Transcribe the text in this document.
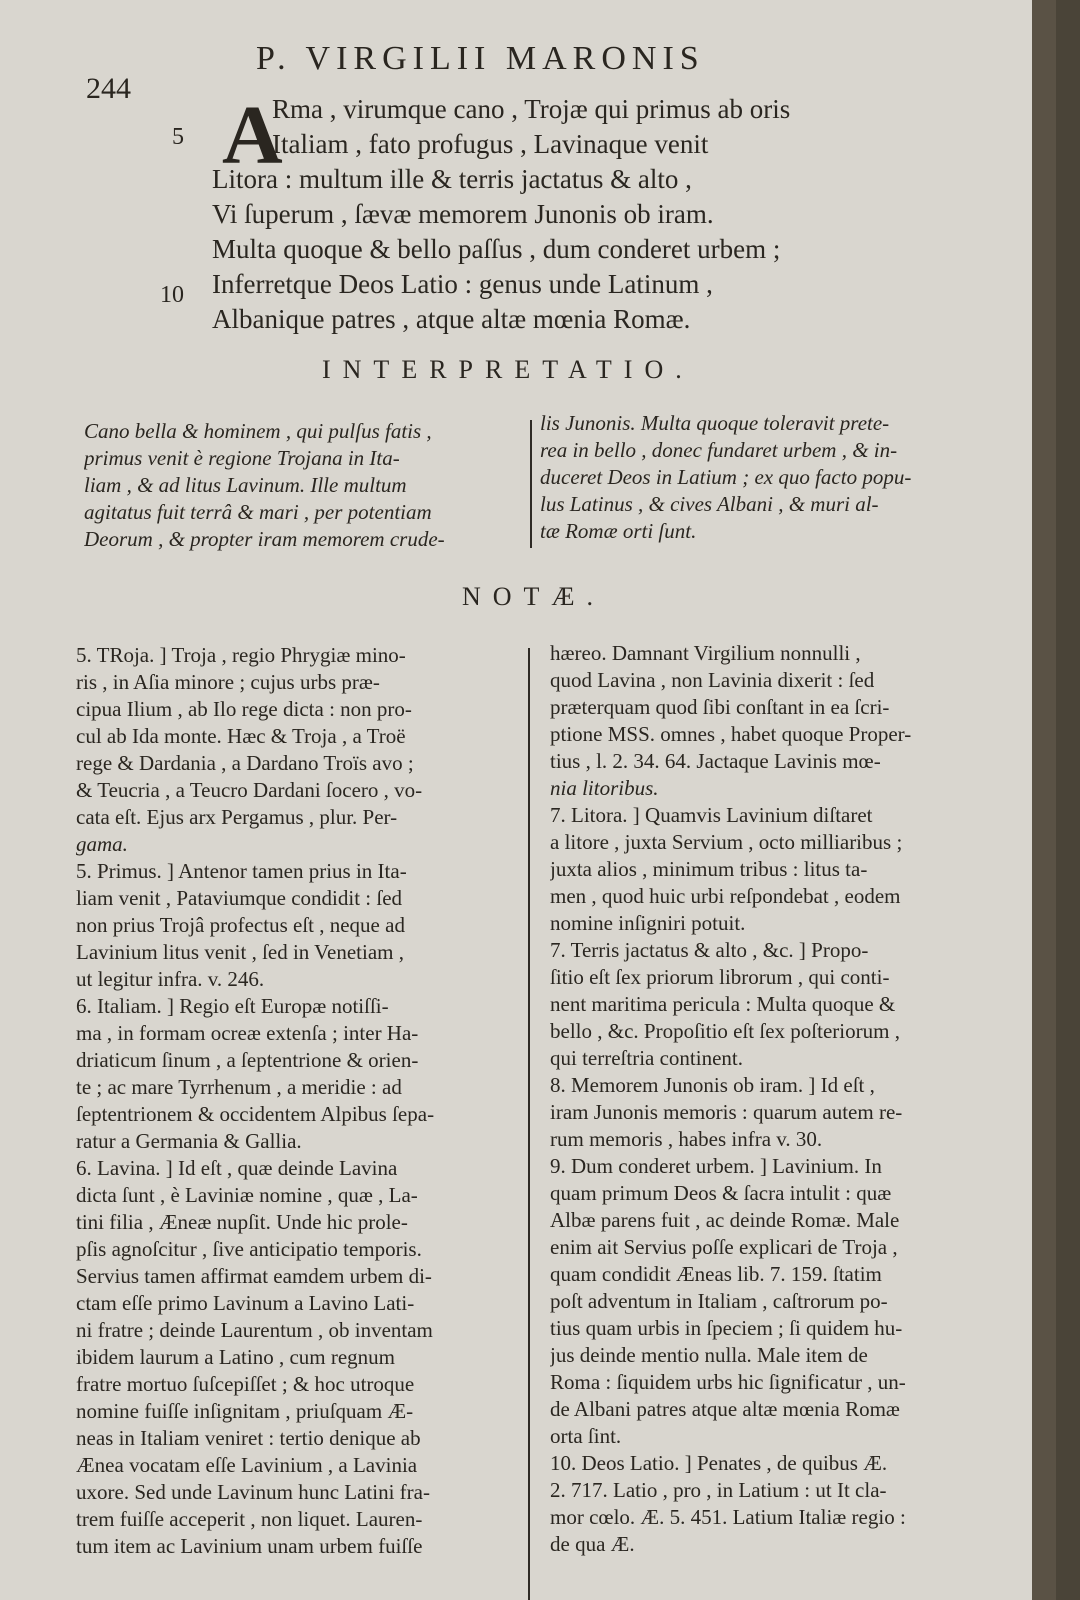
244
P. VIRGILII MARONIS
A
5
10
Rma , virumque cano , Trojæ qui primus ab oris
Italiam , fato profugus , Lavinaque venit
Litora : multum ille & terris jactatus & alto ,
Vi ſuperum , ſævæ memorem Junonis ob iram.
Multa quoque & bello paſſus , dum conderet urbem ;
Inferretque Deos Latio : genus unde Latinum ,
Albanique patres , atque altæ mœnia Romæ.
INTERPRETATIO.
Cano bella & hominem , qui pulſus fatis ,
primus venit è regione Trojana in Ita-
liam , & ad litus Lavinum. Ille multum
agitatus fuit terrâ & mari , per potentiam
Deorum , & propter iram memorem crude-
lis Junonis. Multa quoque toleravit prete-
rea in bello , donec fundaret urbem , & in-
duceret Deos in Latium ; ex quo facto popu-
lus Latinus , & cives Albani , & muri al-
tæ Romæ orti ſunt.
NOTÆ.
5. TRoja. ] Troja , regio Phrygiæ mino-
ris , in Aſia minore ; cujus urbs præ-
cipua Ilium , ab Ilo rege dicta : non pro-
cul ab Ida monte. Hæc & Troja , a Troë
rege & Dardania , a Dardano Troïs avo ;
& Teucria , a Teucro Dardani ſocero , vo-
cata eſt. Ejus arx Pergamus , plur. Per-
gama.
5. Primus. ] Antenor tamen prius in Ita-
liam venit , Pataviumque condidit : ſed
non prius Trojâ profectus eſt , neque ad
Lavinium litus venit , ſed in Venetiam ,
ut legitur infra. v. 246.
6. Italiam. ] Regio eſt Europæ notiſſi-
ma , in formam ocreæ extenſa ; inter Ha-
driaticum ſinum , a ſeptentrione & orien-
te ; ac mare Tyrrhenum , a meridie : ad
ſeptentrionem & occidentem Alpibus ſepa-
ratur a Germania & Gallia.
6. Lavina. ] Id eſt , quæ deinde Lavina
dicta ſunt , è Laviniæ nomine , quæ , La-
tini filia , Æneæ nupſit. Unde hic prole-
pſis agnoſcitur , ſive anticipatio temporis.
Servius tamen affirmat eamdem urbem di-
ctam eſſe primo Lavinum a Lavino Lati-
ni fratre ; deinde Laurentum , ob inventam
ibidem laurum a Latino , cum regnum
fratre mortuo ſuſcepiſſet ; & hoc utroque
nomine fuiſſe inſignitam , priuſquam Æ-
neas in Italiam veniret : tertio denique ab
Ænea vocatam eſſe Lavinium , a Lavinia
uxore. Sed unde Lavinum hunc Latini fra-
trem fuiſſe acceperit , non liquet. Lauren-
tum item ac Lavinium unam urbem fuiſſe
hæreo. Damnant Virgilium nonnulli ,
quod Lavina , non Lavinia dixerit : ſed
præterquam quod ſibi conſtant in ea ſcri-
ptione MSS. omnes , habet quoque Proper-
tius , l. 2. 34. 64. Jactaque Lavinis mœ-
nia litoribus.
7. Litora. ] Quamvis Lavinium diſtaret
a litore , juxta Servium , octo milliaribus ;
juxta alios , minimum tribus : litus ta-
men , quod huic urbi reſpondebat , eodem
nomine inſigniri potuit.
7. Terris jactatus & alto , &c. ] Propo-
ſitio eſt ſex priorum librorum , qui conti-
nent maritima pericula : Multa quoque &
bello , &c. Propoſitio eſt ſex poſteriorum ,
qui terreſtria continent.
8. Memorem Junonis ob iram. ] Id eſt ,
iram Junonis memoris : quarum autem re-
rum memoris , habes infra v. 30.
9. Dum conderet urbem. ] Lavinium. In
quam primum Deos & ſacra intulit : quæ
Albæ parens fuit , ac deinde Romæ. Male
enim ait Servius poſſe explicari de Troja ,
quam condidit Æneas lib. 7. 159. ſtatim
poſt adventum in Italiam , caſtrorum po-
tius quam urbis in ſpeciem ; ſi quidem hu-
jus deinde mentio nulla. Male item de
Roma : ſiquidem urbs hic ſignificatur , un-
de Albani patres atque altæ mœnia Romæ
orta ſint.
10. Deos Latio. ] Penates , de quibus Æ.
2. 717. Latio , pro , in Latium : ut It cla-
mor cœlo. Æ. 5. 451. Latium Italiæ regio :
de qua Æ.
